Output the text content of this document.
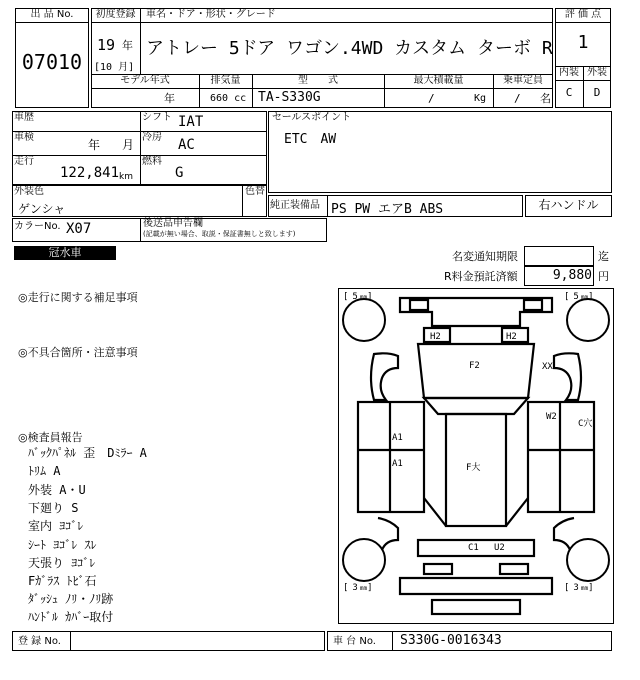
出 品 No.
07010
初度登録	車名・ドア・形状・グレード
19 年
[10 月]
アトレー 5ドア ワゴン.4WD カスタム ターボ R
モデル年式	排気量	型　　式	最大積載量	乗車定員
年	660 cc TA-S330G	/	Kg	/ 名
評 価 点
1
内装 外装
C	D
車歴	シフト IAT
車検
年 月
冷房 AC
走行
122,841 km
燃料
G
セールスポイント
ETC　AW
外装色
ゲンシャ
色替
純正装備品 PS PW エアB ABS	右ハンドル
カラーNo. X07	後送品申告欄
(記載が無い場合、取説・保証書無しと致します)
冠水車	名変通知期限	迄
R料金預託済額	9,880 円
◎走行に関する補足事項
◎不具合箇所・注意事項
◎検査員報告
ﾊﾞｯｸﾊﾟﾈﾙ 歪　Dﾐﾗｰ A
ﾄﾘﾑ A
外装 A・U
下廻り S
室内 ﾖｺﾞﾚ
ｼｰﾄ ﾖｺﾞﾚ ｽﾚ
天張り ﾖｺﾞﾚ
Fｶﾞﾗｽ ﾄﾋﾞ石
ﾀﾞｯｼｭ ﾉﾘ・ﾉﾘ跡
ﾊﾝﾄﾞﾙ ｶﾊﾞｰ取付
[ 5 mm]	[ 5 mm]
[ 3 mm]	[ 3 mm]
H2	H2
F2	XX
W2
C穴
A1
A1	F大
C1 U2
登 録 No.	車 台 No. S330G-0016343
